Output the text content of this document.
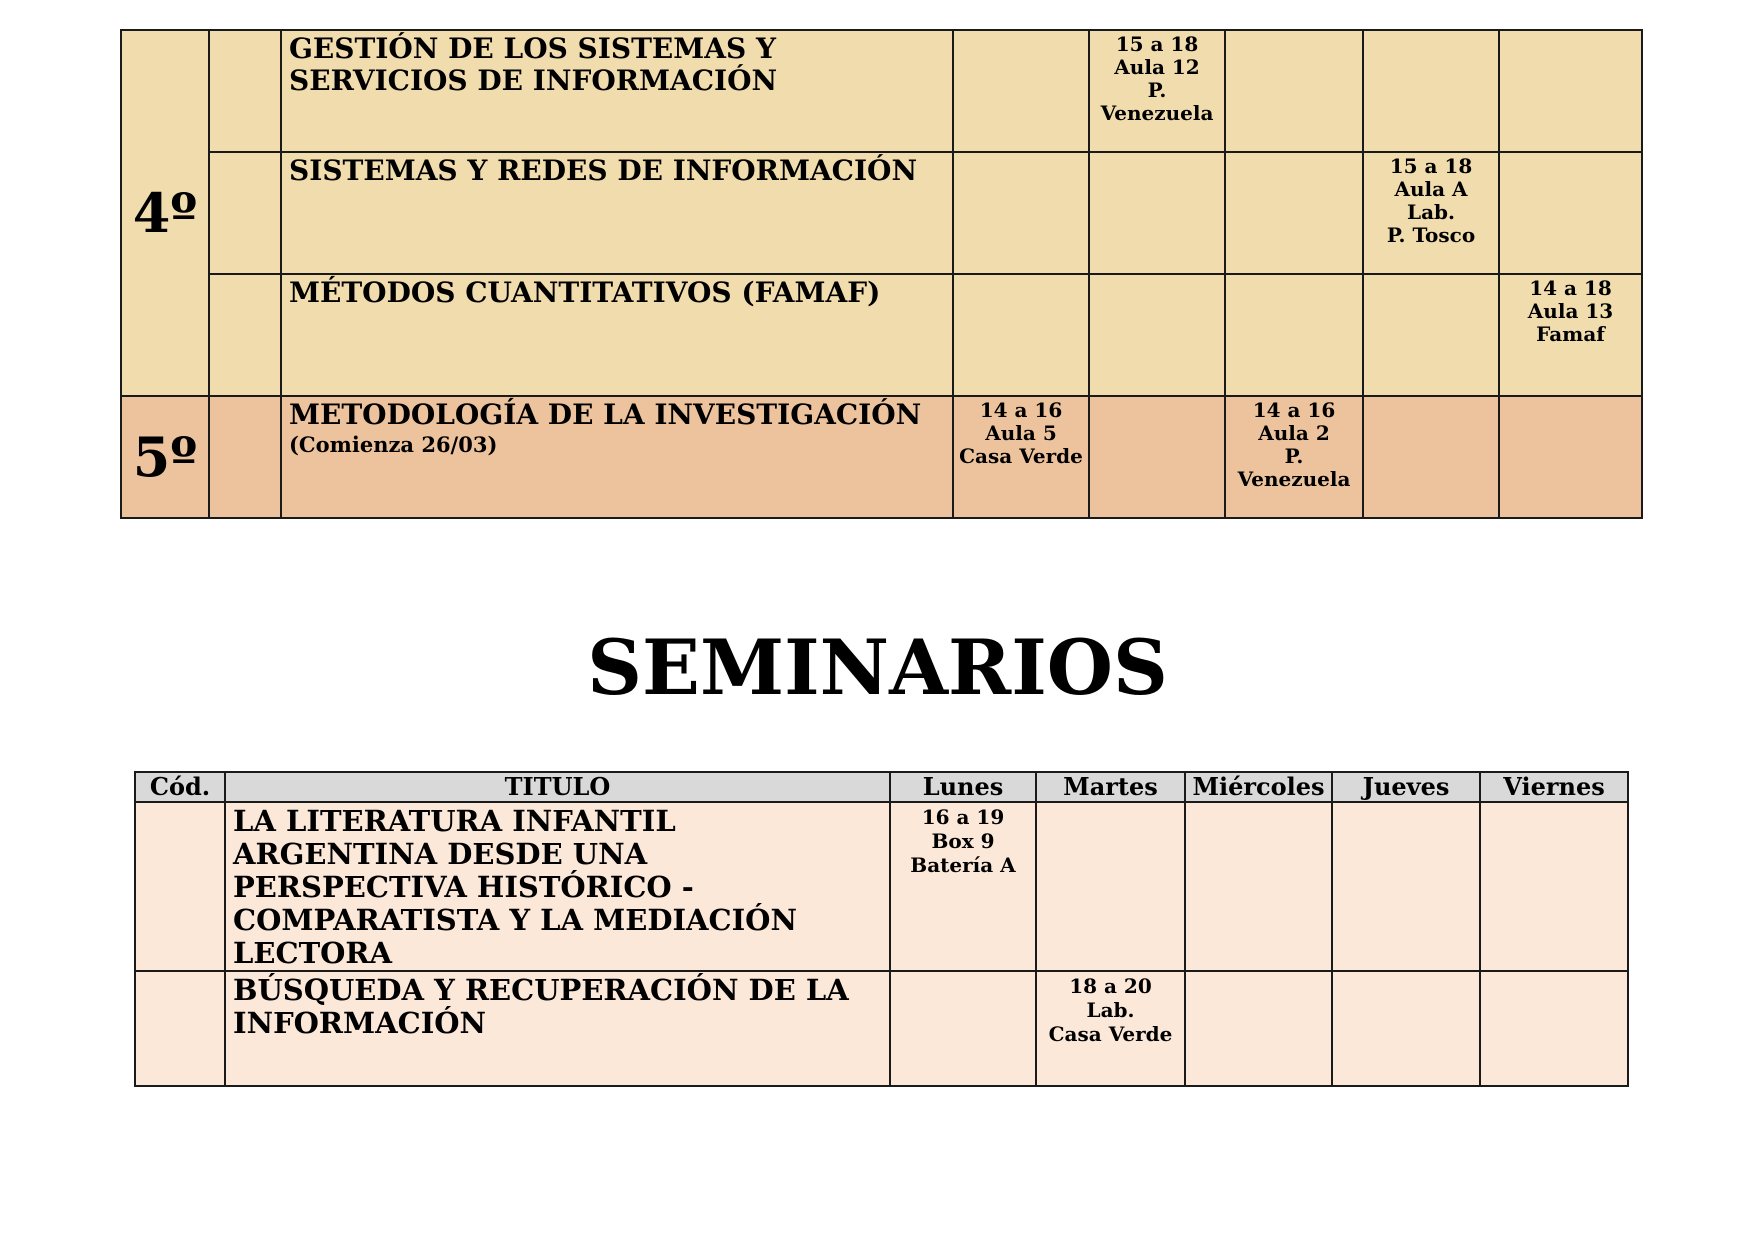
4º		GESTIÓN DE LOS SISTEMAS Y SERVICIOS DE INFORMACIÓN		15 a 18
Aula 12
P.
Venezuela			

		SISTEMAS Y REDES DE INFORMACIÓN				15 a 18
Aula A
Lab.
P. Tosco	

		MÉTODOS CUANTITATIVOS (FAMAF)					14 a 18
Aula 13
Famaf

5º		METODOLOGÍA DE LA INVESTIGACIÓN
(Comienza 26/03)	14 a 16
Aula 5
Casa Verde		14 a 16
Aula 2
P.
Venezuela		

SEMINARIOS
Cód.	TITULO	Lunes	Martes	Miércoles	Jueves	Viernes
	LA LITERATURA INFANTIL ARGENTINA DESDE UNA PERSPECTIVA HISTÓRICO - COMPARATISTA Y LA MEDIACIÓN LECTORA	16 a 19
Box 9
Batería A				

	BÚSQUEDA Y RECUPERACIÓN DE LA INFORMACIÓN		18 a 20
Lab.
Casa Verde			
